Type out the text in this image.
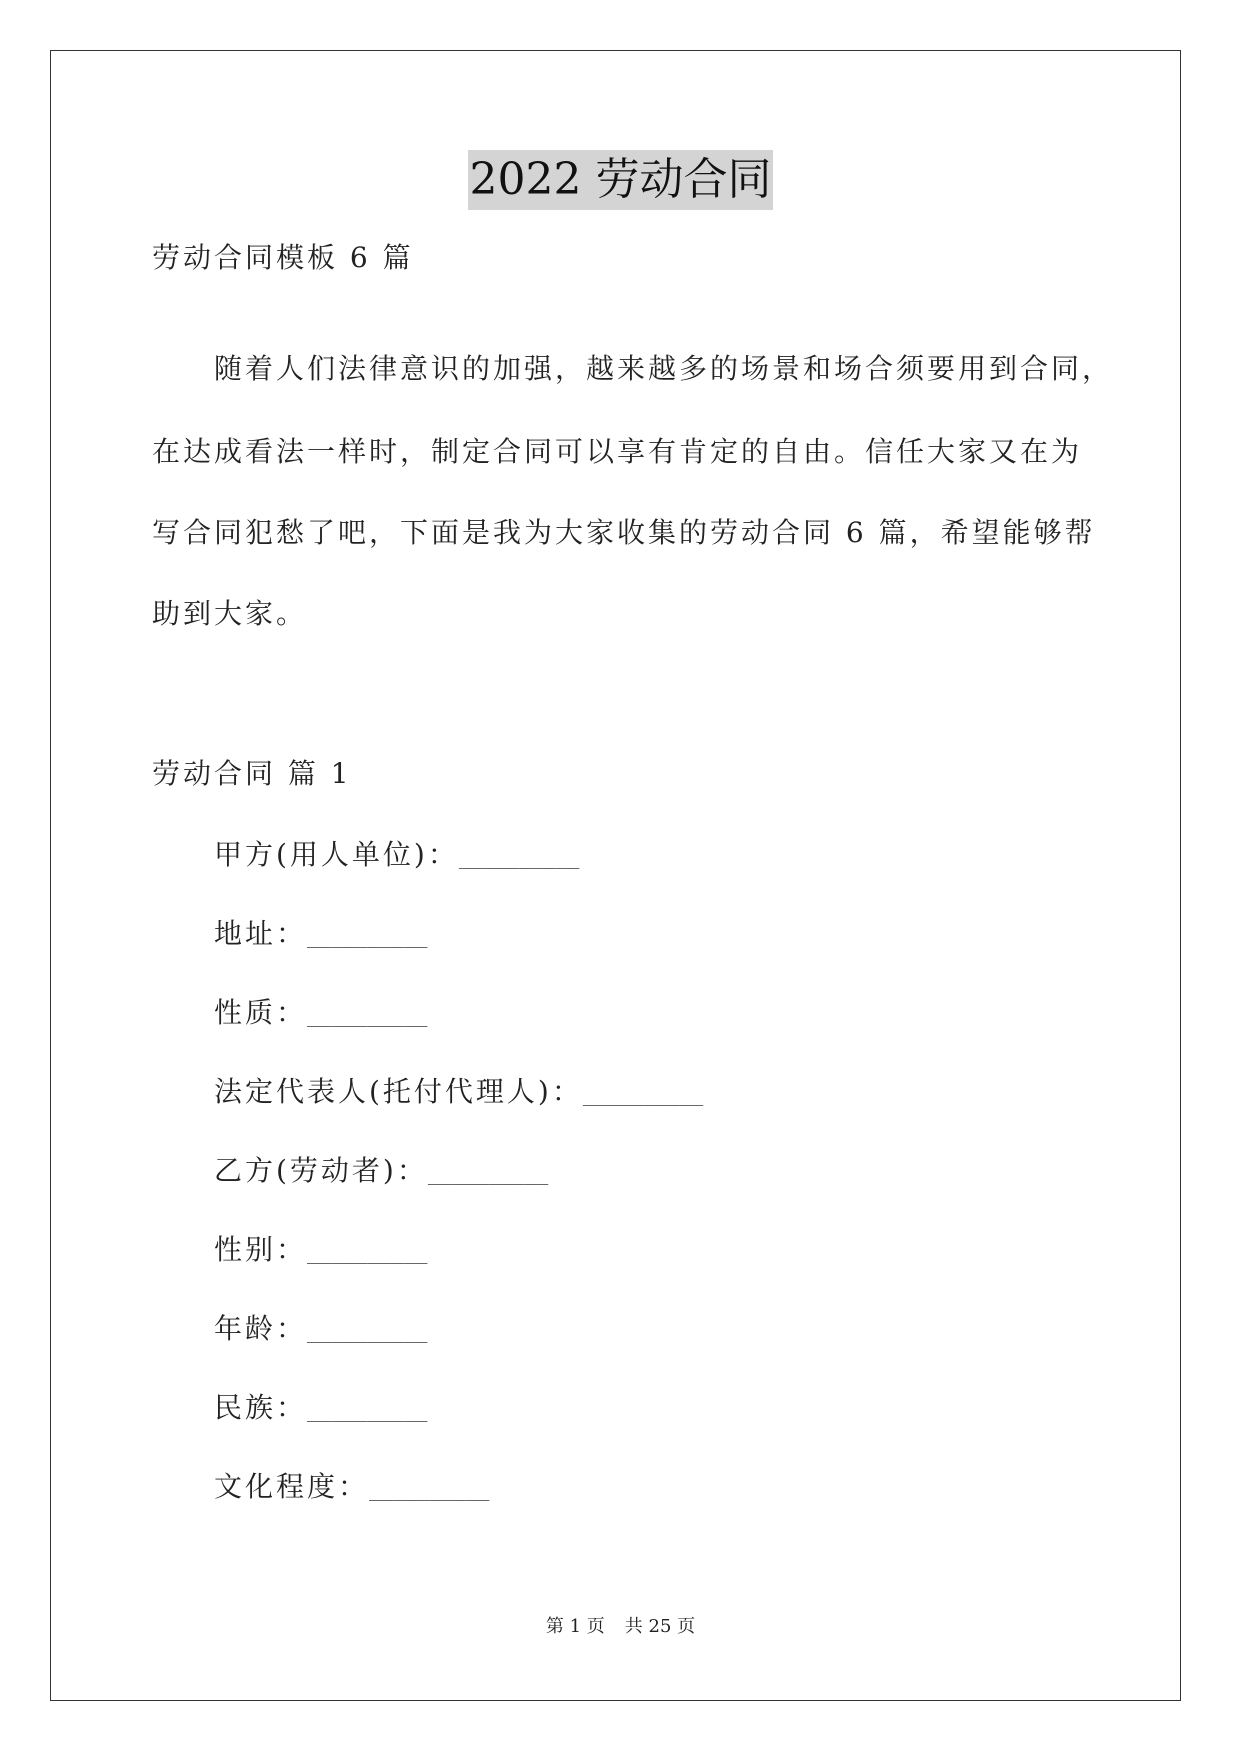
2022 劳动合同
劳动合同模板 6 篇
随着人们法律意识的加强，越来越多的场景和场合须要用到合同，
在达成看法一样时，制定合同可以享有肯定的自由。信任大家又在为
写合同犯愁了吧，下面是我为大家收集的劳动合同 6 篇，希望能够帮
助到大家。
劳动合同 篇 1
甲方(用人单位)：__________
地址：__________
性质：__________
法定代表人(托付代理人)：__________
乙方(劳动者)：__________
性别：__________
年龄：__________
民族：__________
文化程度：__________
第 1 页 共 25 页
